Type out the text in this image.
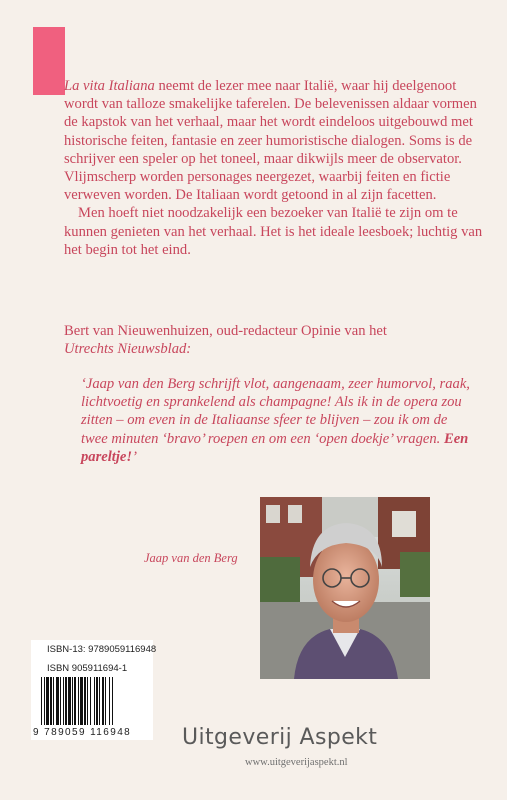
La vita Italiana neemt de lezer mee naar Italië, waar hij deelgenoot wordt van talloze smakelijke taferelen. De belevenissen aldaar vormen de kapstok van het verhaal, maar het wordt eindeloos uitgebouwd met historische feiten, fantasie en zeer humoristische dialogen. Soms is de schrijver een speler op het toneel, maar dikwijls meer de observator. Vlijmscherp worden personages neergezet, waarbij feiten en fictie verweven worden. De Italiaan wordt getoond in al zijn facetten.

Men hoeft niet noodzakelijk een bezoeker van Italië te zijn om te kunnen genieten van het verhaal. Het is het ideale leesboek; luchtig van het begin tot het eind.

Bert van Nieuwenhuizen, oud-redacteur Opinie van het
Utrechts Nieuwsblad:
‘Jaap van den Berg schrijft vlot, aangenaam, zeer humorvol, raak, lichtvoetig en sprankelend als champagne! Als ik in de opera zou zitten – om even in de Italiaanse sfeer te blijven – zou ik om de twee minuten ‘bravo’ roepen en om een ‘open doekje’ vragen. Een pareltje!’
Jaap van den Berg
ISBN-13: 9789059116948
ISBN 905911694-1
9 789059 116948 Uitgeverij Aspekt
www.uitgeverijaspekt.nl
